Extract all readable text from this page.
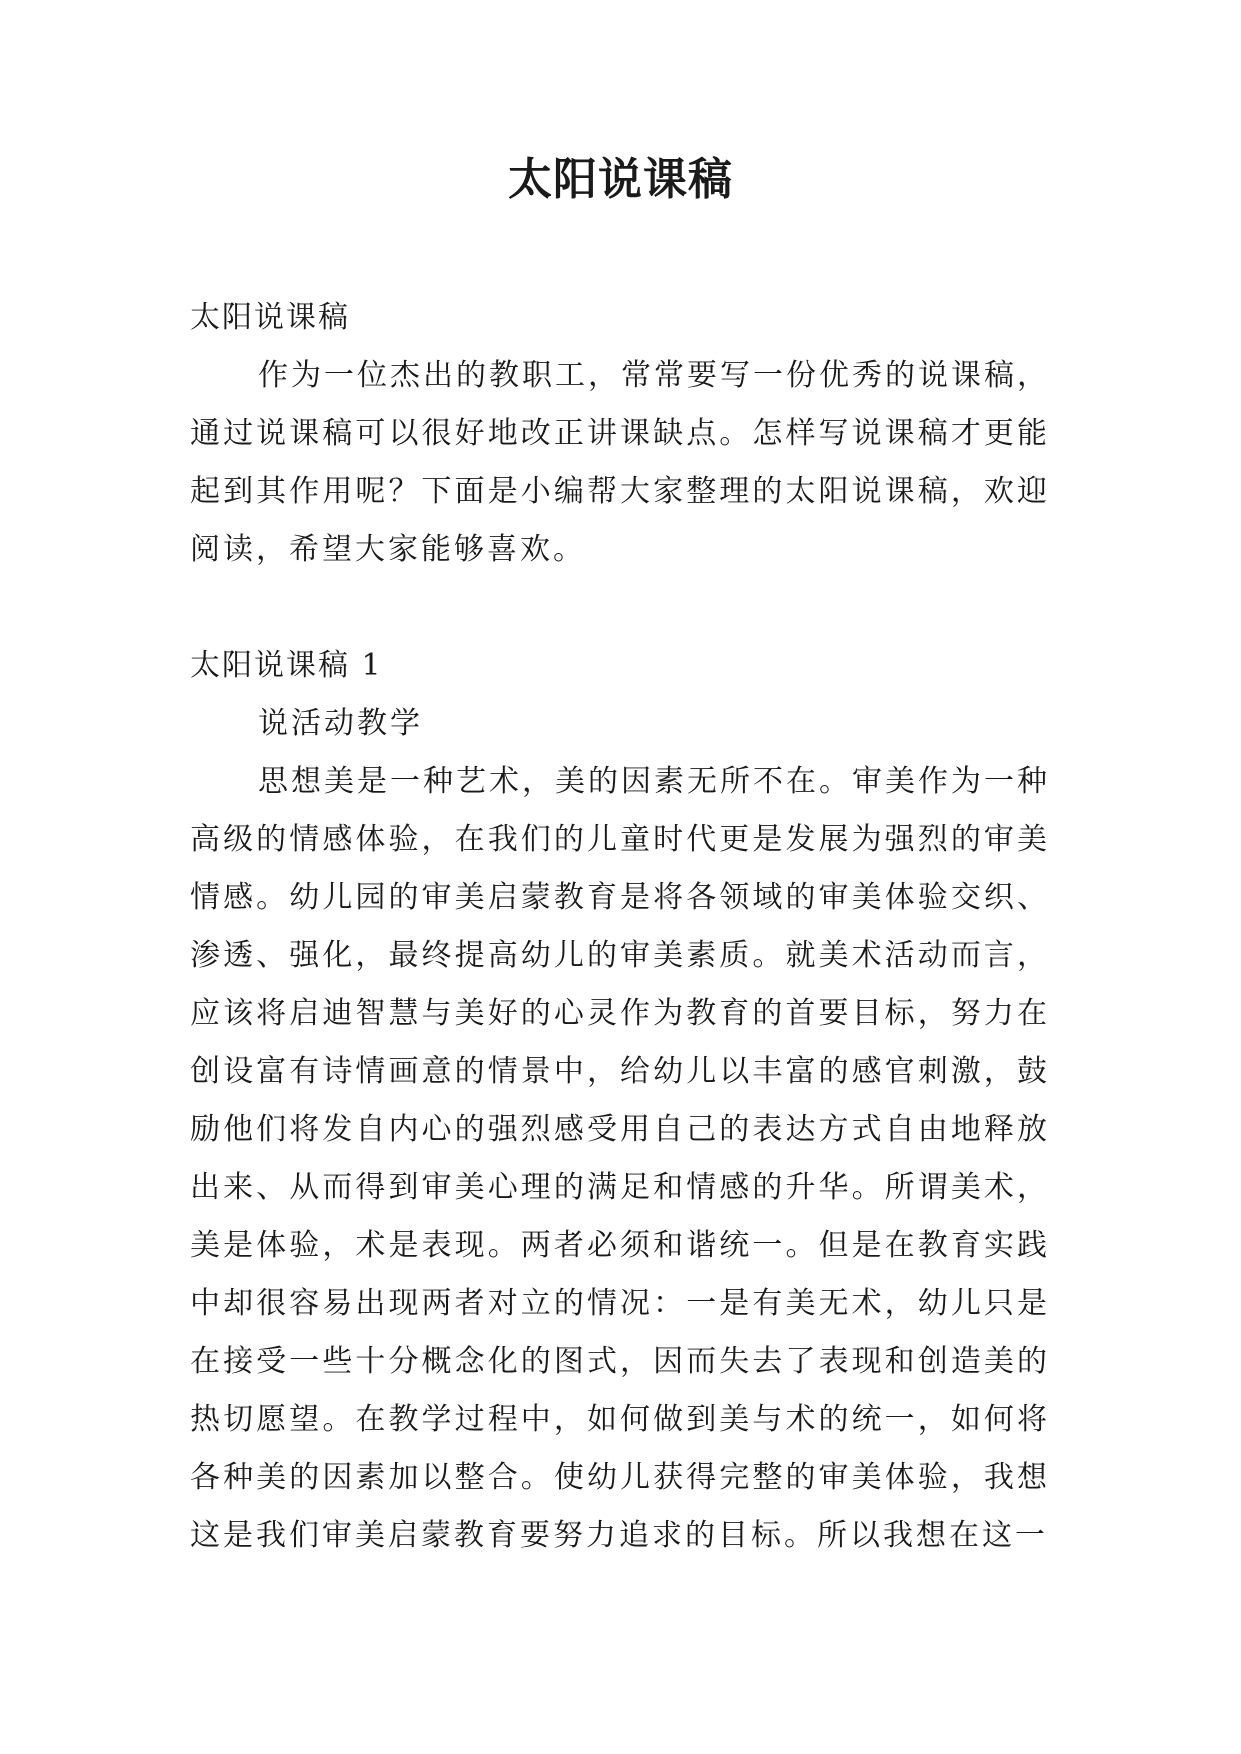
太阳说课稿

太阳说课稿

作为一位杰出的教职工，常常要写一份优秀的说课稿，通过说课稿可以很好地改正讲课缺点。怎样写说课稿才更能起到其作用呢？下面是小编帮大家整理的太阳说课稿，欢迎阅读，希望大家能够喜欢。

太阳说课稿 1

说活动教学

思想美是一种艺术，美的因素无所不在。审美作为一种高级的情感体验，在我们的儿童时代更是发展为强烈的审美情感。幼儿园的审美启蒙教育是将各领域的审美体验交织、渗透、强化，最终提高幼儿的审美素质。就美术活动而言，应该将启迪智慧与美好的心灵作为教育的首要目标，努力在创设富有诗情画意的情景中，给幼儿以丰富的感官刺激，鼓励他们将发自内心的强烈感受用自己的表达方式自由地释放出来、从而得到审美心理的满足和情感的升华。所谓美术，美是体验，术是表现。两者必须和谐统一。但是在教育实践中却很容易出现两者对立的情况：一是有美无术，幼儿只是在接受一些十分概念化的图式，因而失去了表现和创造美的热切愿望。在教学过程中，如何做到美与术的统一，如何将各种美的因素加以整合。使幼儿获得完整的审美体验，我想这是我们审美启蒙教育要努力追求的目标。所以我想在这一
